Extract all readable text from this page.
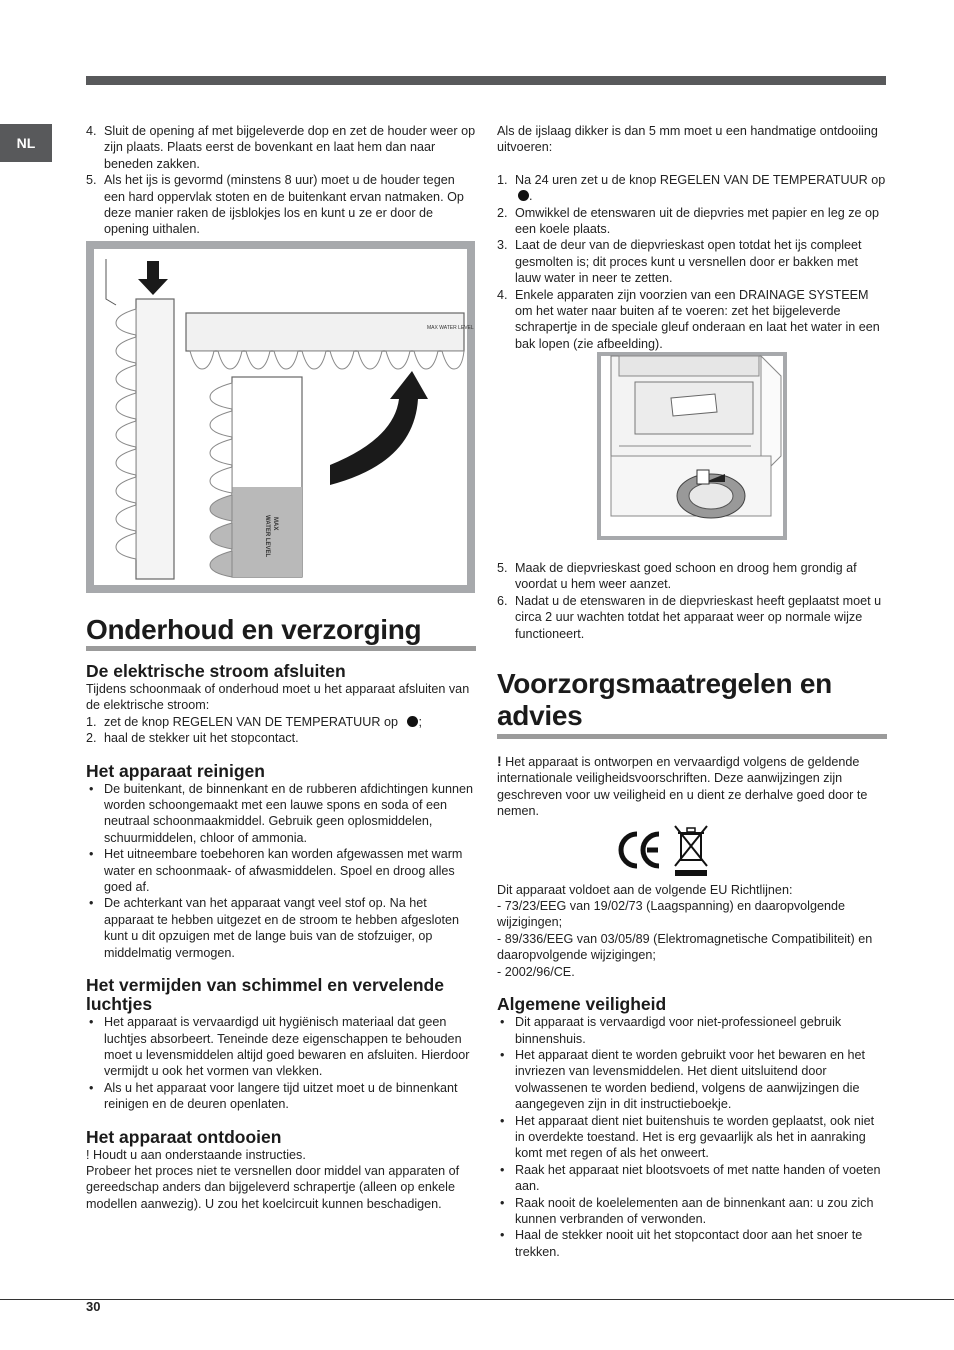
NL
4. Sluit de opening af met bijgeleverde dop en zet de houder weer op zijn plaats. Plaats eerst de bovenkant en laat hem dan naar beneden zakken.
5. Als het ijs is gevormd (minstens 8 uur) moet u de houder tegen een hard oppervlak stoten en de buitenkant ervan natmaken. Op deze manier raken de ijsblokjes los en kunt u ze er door de opening uithalen.
MAX WATER LEVEL
MAX
WATER LEVEL
Onderhoud en verzorging
De elektrische stroom afsluiten

Tijdens schoonmaak of onderhoud moet u het apparaat afsluiten van de elektrische stroom:

1. zet de knop REGELEN VAN DE TEMPERATUUR op ;
2. haal de stekker uit het stopcontact.
Het apparaat reinigen
• De buitenkant, de binnenkant en de rubberen afdichtingen kunnen worden schoongemaakt met een lauwe spons en soda of een neutraal schoonmaakmiddel. Gebruik geen oplosmiddelen, schuurmiddelen, chloor of ammonia.
• Het uitneembare toebehoren kan worden afgewassen met warm water en schoonmaak- of afwasmiddelen. Spoel en droog alles goed af.
• De achterkant van het apparaat vangt veel stof op. Na het apparaat te hebben uitgezet en de stroom te hebben afgesloten kunt u dit opzuigen met de lange buis van de stofzuiger, op middelmatig vermogen.
Het vermijden van schimmel en vervelende luchtjes
• Het apparaat is vervaardigd uit hygiënisch materiaal dat geen luchtjes absorbeert. Teneinde deze eigenschappen te behouden moet u levensmiddelen altijd goed bewaren en afsluiten. Hierdoor vermijdt u ook het vormen van vlekken.
• Als u het apparaat voor langere tijd uitzet moet u de binnenkant reinigen en de deuren openlaten.
Het apparaat ontdooien

! Houdt u aan onderstaande instructies.

Probeer het proces niet te versnellen door middel van apparaten of gereedschap anders dan bijgeleverd schrapertje (alleen op enkele modellen aanwezig). U zou het koelcircuit kunnen beschadigen.

Als de ijslaag dikker is dan 5 mm moet u een handmatige ontdooiing uitvoeren:

1. Na 24 uren zet u de knop REGELEN VAN DE TEMPERATUUR op .
2. Omwikkel de etenswaren uit de diepvries met papier en leg ze op een koele plaats.
3. Laat de deur van de diepvrieskast open totdat het ijs compleet gesmolten is; dit proces kunt u versnellen door er bakken met lauw water in neer te zetten.
4. Enkele apparaten zijn voorzien van een DRAINAGE SYSTEEM om het water naar buiten af te voeren: zet het bijgeleverde schrapertje in de speciale gleuf onderaan en laat het water in een bak lopen (zie afbeelding).
5. Maak de diepvrieskast goed schoon en droog hem grondig af voordat u hem weer aanzet.
6. Nadat u de etenswaren in de diepvrieskast heeft geplaatst moet u circa 2 uur wachten totdat het apparaat weer op normale wijze functioneert.
Voorzorgsmaatregelen en advies

! Het apparaat is ontworpen en vervaardigd volgens de geldende internationale veiligheidsvoorschriften. Deze aanwijzingen zijn geschreven voor uw veiligheid en u dient ze derhalve goed door te nemen.

Dit apparaat voldoet aan de volgende EU Richtlijnen:

- 73/23/EEG van 19/02/73 (Laagspanning) en daaropvolgende wijzigingen;

- 89/336/EEG van 03/05/89 (Elektromagnetische Compatibiliteit) en daaropvolgende wijzigingen;

- 2002/96/CE.

Algemene veiligheid
• Dit apparaat is vervaardigd voor niet-professioneel gebruik binnenshuis.
• Het apparaat dient te worden gebruikt voor het bewaren en het invriezen van levensmiddelen. Het dient uitsluitend door volwassenen te worden bediend, volgens de aanwijzingen die aangegeven zijn in dit instructieboekje.
• Het apparaat dient niet buitenshuis te worden geplaatst, ook niet in overdekte toestand. Het is erg gevaarlijk als het in aanraking komt met regen of als het onweert.
• Raak het apparaat niet blootsvoets of met natte handen of voeten aan.
• Raak nooit de koelelementen aan de binnenkant aan: u zou zich kunnen verbranden of verwonden.
• Haal de stekker nooit uit het stopcontact door aan het snoer te trekken.
30
